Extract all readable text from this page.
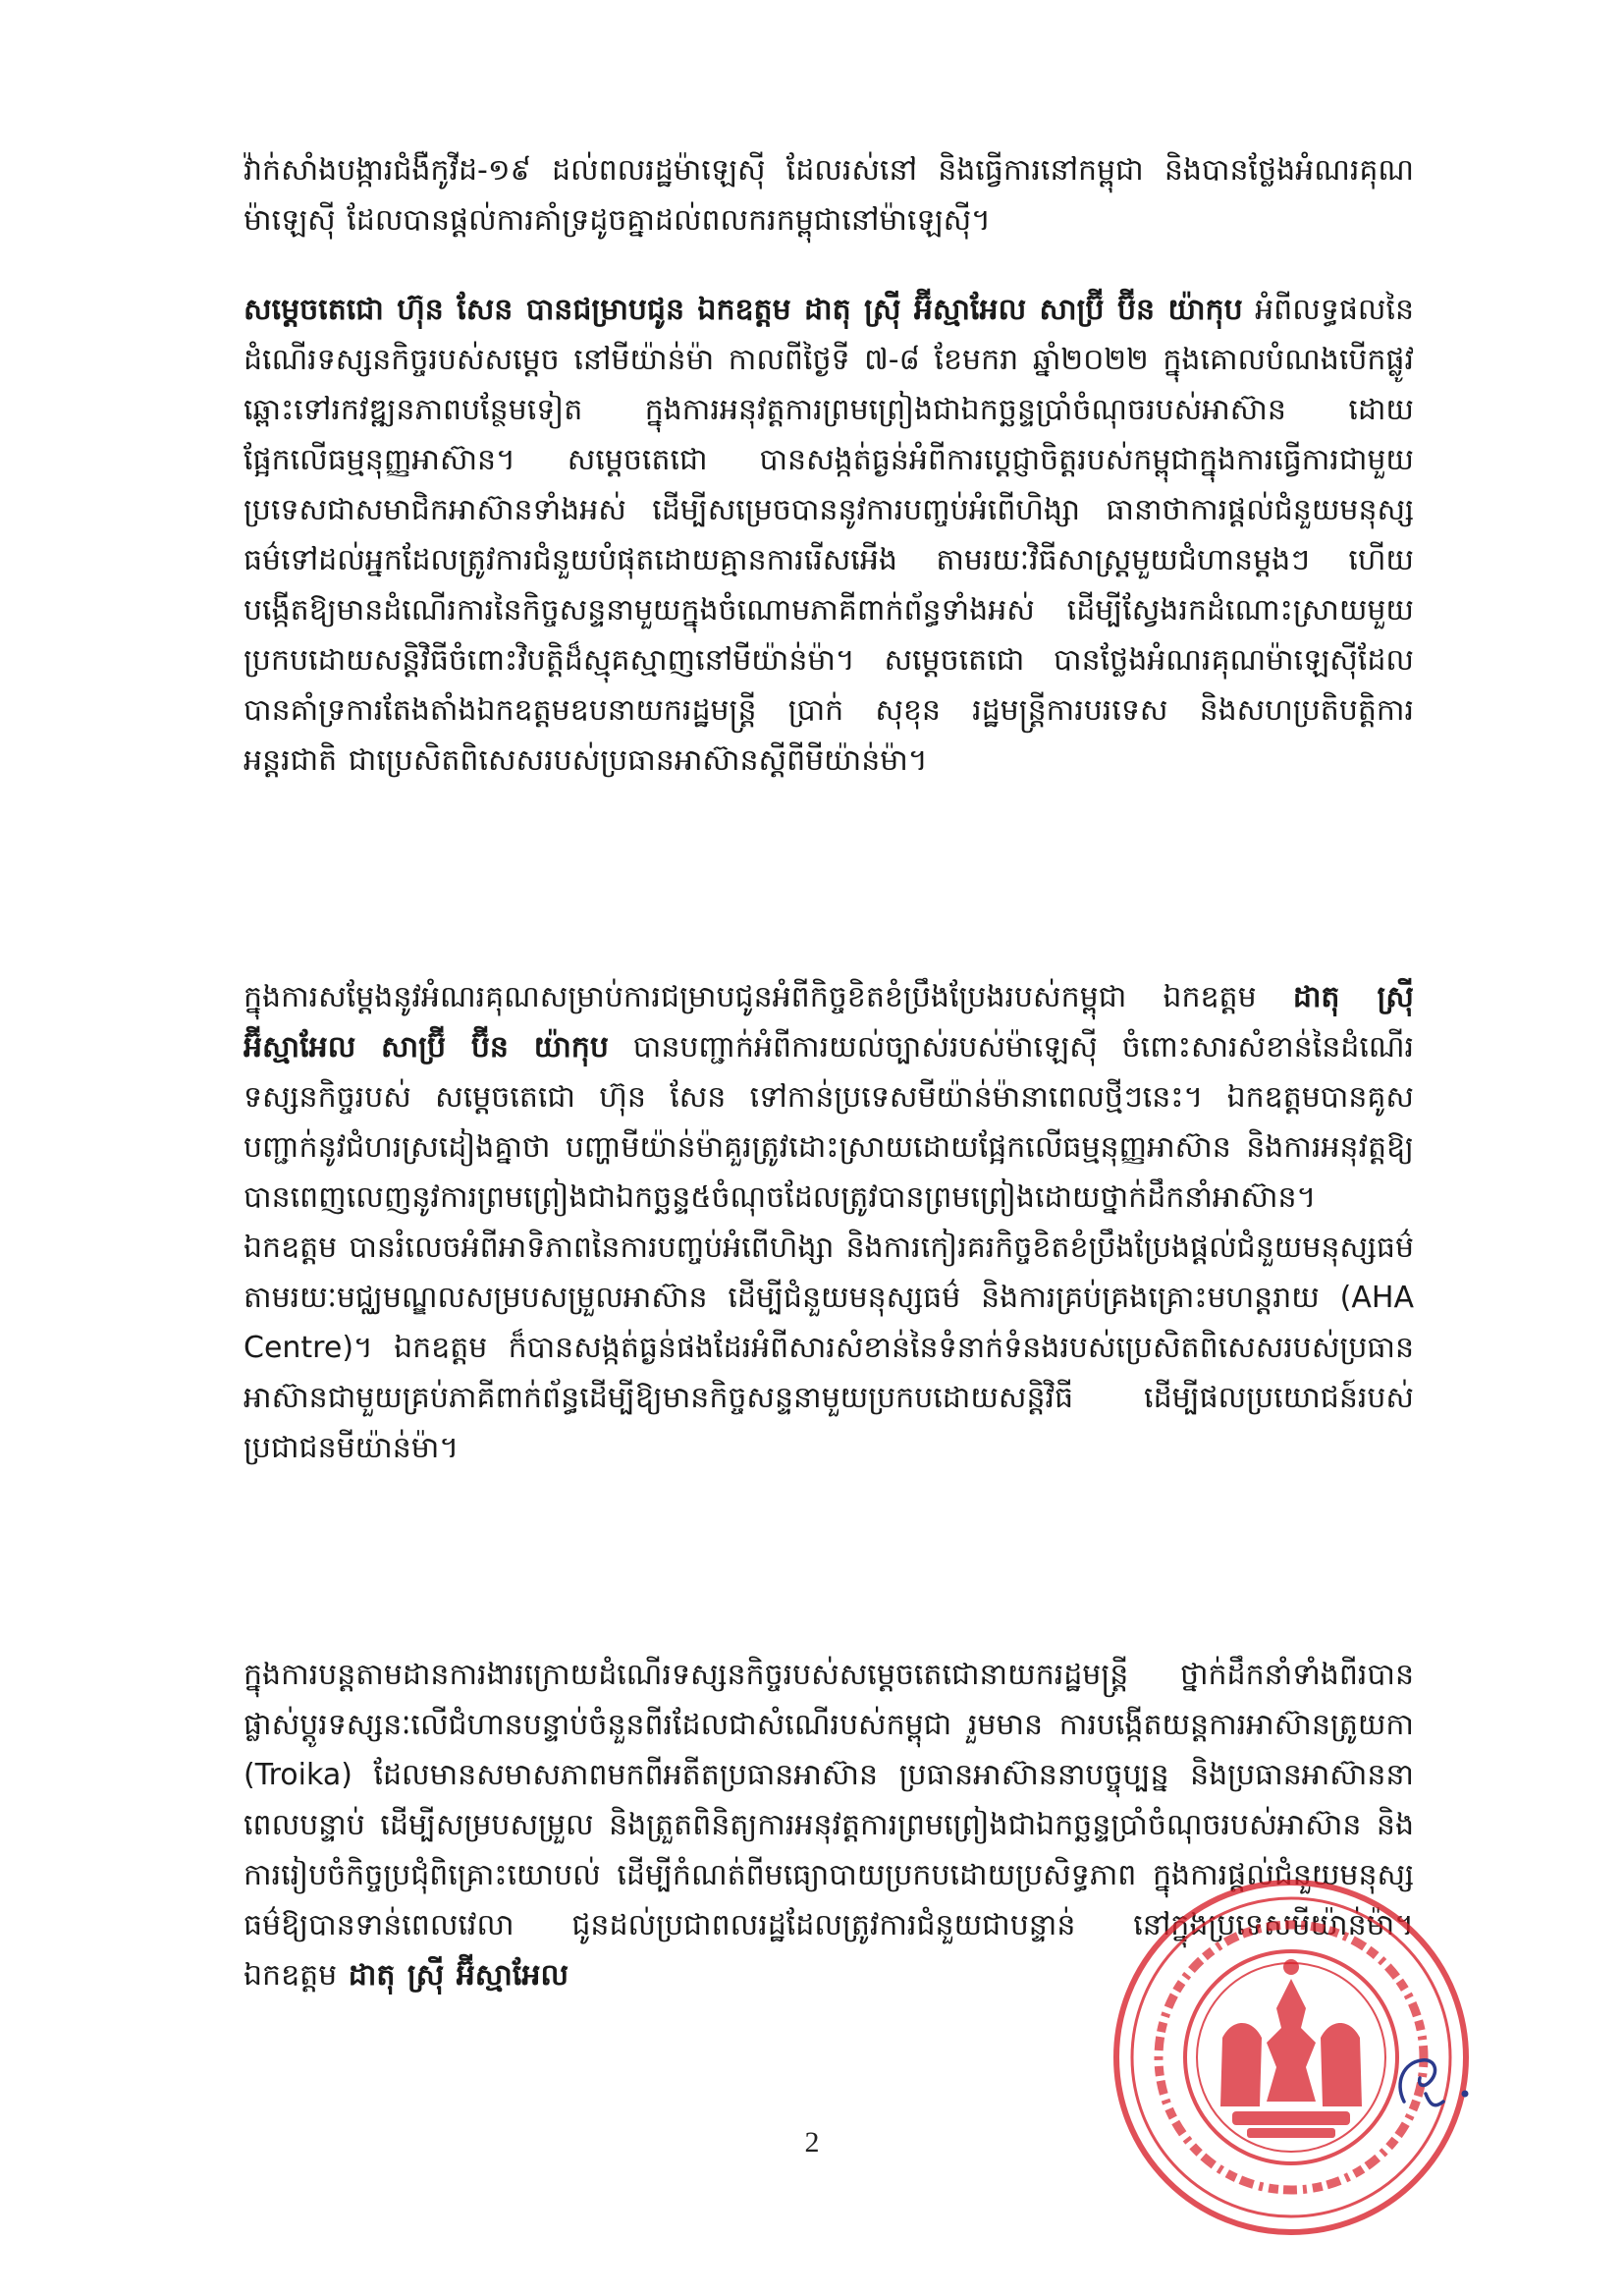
វ៉ាក់សាំងបង្ការជំងឺកូវីដ-១៩ ដល់ពលរដ្ឋម៉ាឡេស៊ី ដែលរស់នៅ និងធ្វើការនៅកម្ពុជា និងបានថ្លែងអំណរគុណម៉ាឡេស៊ី ដែលបានផ្ដល់ការគាំទ្រដូចគ្នាដល់ពលករកម្ពុជានៅម៉ាឡេស៊ី។

សម្ដេចតេជោ ហ៊ុន សែន បានជម្រាបជូន ឯកឧត្ដម ដាតុ ស្រ៊ី អ៊ីស្មាអែល សាប្រ៊ី ប៊ីន យ៉ាកុប អំពីលទ្ធផលនៃដំណើរទស្សនកិច្ចរបស់សម្ដេច នៅមីយ៉ាន់ម៉ា កាលពីថ្ងៃទី ៧-៨ ខែមករា ឆ្នាំ២០២២ ក្នុងគោលបំណងបើកផ្លូវឆ្ពោះទៅរកវឌ្ឍនភាពបន្ថែមទៀត ក្នុងការអនុវត្តការព្រមព្រៀងជាឯកច្ឆន្ទប្រាំចំណុចរបស់អាស៊ាន ដោយផ្អែកលើធម្មនុញ្ញអាស៊ាន។ សម្ដេចតេជោ បានសង្កត់ធ្ងន់អំពីការប្ដេជ្ញាចិត្តរបស់កម្ពុជាក្នុងការធ្វើការជាមួយប្រទេសជាសមាជិកអាស៊ានទាំងអស់ ដើម្បីសម្រេចបាននូវការបញ្ចប់អំពើហិង្សា ធានាថាការផ្ដល់ជំនួយមនុស្សធម៌ទៅដល់អ្នកដែលត្រូវការជំនួយបំផុតដោយគ្មានការរើសអើង តាមរយៈវិធីសាស្ត្រមួយជំហានម្ដងៗ ហើយបង្កើតឱ្យមានដំណើរការនៃកិច្ចសន្ទនាមួយក្នុងចំណោមភាគីពាក់ព័ន្ធទាំងអស់ ដើម្បីស្វែងរកដំណោះស្រាយមួយប្រកបដោយសន្តិវិធីចំពោះវិបត្តិដ៏ស្មុគស្មាញនៅមីយ៉ាន់ម៉ា។ សម្ដេចតេជោ បានថ្លែងអំណរគុណម៉ាឡេស៊ីដែលបានគាំទ្រការតែងតាំងឯកឧត្ដមឧបនាយករដ្ឋមន្ត្រី ប្រាក់ សុខុន រដ្ឋមន្ត្រីការបរទេស និងសហប្រតិបត្តិការអន្តរជាតិ ជាប្រេសិតពិសេសរបស់ប្រធានអាស៊ានស្ដីពីមីយ៉ាន់ម៉ា។

ក្នុងការសម្ដែងនូវអំណរគុណសម្រាប់ការជម្រាបជូនអំពីកិច្ចខិតខំប្រឹងប្រែងរបស់កម្ពុជា ឯកឧត្ដម ដាតុ ស្រ៊ី អ៊ីស្មាអែល សាប្រ៊ី ប៊ីន យ៉ាកុប បានបញ្ជាក់អំពីការយល់ច្បាស់របស់ម៉ាឡេស៊ី ចំពោះសារសំខាន់នៃដំណើរទស្សនកិច្ចរបស់ សម្ដេចតេជោ ហ៊ុន សែន ទៅកាន់ប្រទេសមីយ៉ាន់ម៉ានាពេលថ្មីៗនេះ។ ឯកឧត្ដមបានគូសបញ្ជាក់នូវជំហរស្រដៀងគ្នាថា បញ្ហាមីយ៉ាន់ម៉ាគួរត្រូវដោះស្រាយដោយផ្អែកលើធម្មនុញ្ញអាស៊ាន និងការអនុវត្តឱ្យបានពេញលេញនូវការព្រមព្រៀងជាឯកច្ឆន្ទ៥ចំណុចដែលត្រូវបានព្រមព្រៀងដោយថ្នាក់ដឹកនាំអាស៊ាន។ ឯកឧត្ដម បានរំលេចអំពីអាទិភាពនៃការបញ្ចប់អំពើហិង្សា និងការកៀរគរកិច្ចខិតខំប្រឹងប្រែងផ្ដល់ជំនួយមនុស្សធម៌ តាមរយៈមជ្ឈមណ្ឌលសម្របសម្រួលអាស៊ាន ដើម្បីជំនួយមនុស្សធម៌ និងការគ្រប់គ្រងគ្រោះមហន្តរាយ (AHA Centre)។ ឯកឧត្ដម ក៏បានសង្កត់ធ្ងន់ផងដែរអំពីសារសំខាន់នៃទំនាក់ទំនងរបស់ប្រេសិតពិសេសរបស់ប្រធានអាស៊ានជាមួយគ្រប់ភាគីពាក់ព័ន្ធដើម្បីឱ្យមានកិច្ចសន្ទនាមួយប្រកបដោយសន្តិវិធី ដើម្បីផលប្រយោជន៍របស់ប្រជាជនមីយ៉ាន់ម៉ា។

ក្នុងការបន្តតាមដានការងារក្រោយដំណើរទស្សនកិច្ចរបស់សម្ដេចតេជោនាយករដ្ឋមន្ត្រី ថ្នាក់ដឹកនាំទាំងពីរបានផ្លាស់ប្ដូរទស្សនៈលើជំហានបន្ទាប់ចំនួនពីរដែលជាសំណើរបស់កម្ពុជា រួមមាន ការបង្កើតយន្តការអាស៊ានត្រូយកា (Troika) ដែលមានសមាសភាពមកពីអតីតប្រធានអាស៊ាន ប្រធានអាស៊ាននាបច្ចុប្បន្ន និងប្រធានអាស៊ាននាពេលបន្ទាប់ ដើម្បីសម្របសម្រួល និងត្រួតពិនិត្យការអនុវត្តការព្រមព្រៀងជាឯកច្ឆន្ទប្រាំចំណុចរបស់អាស៊ាន និងការរៀបចំកិច្ចប្រជុំពិគ្រោះយោបល់ ដើម្បីកំណត់ពីមធ្យោបាយប្រកបដោយប្រសិទ្ធភាព ក្នុងការផ្ដល់ជំនួយមនុស្សធម៌ឱ្យបានទាន់ពេលវេលា ជូនដល់ប្រជាពលរដ្ឋដែលត្រូវការជំនួយជាបន្ទាន់ នៅក្នុងប្រទេសមីយ៉ាន់ម៉ា។ ឯកឧត្ដម ដាតុ ស្រ៊ី អ៊ីស្មាអែល

2
